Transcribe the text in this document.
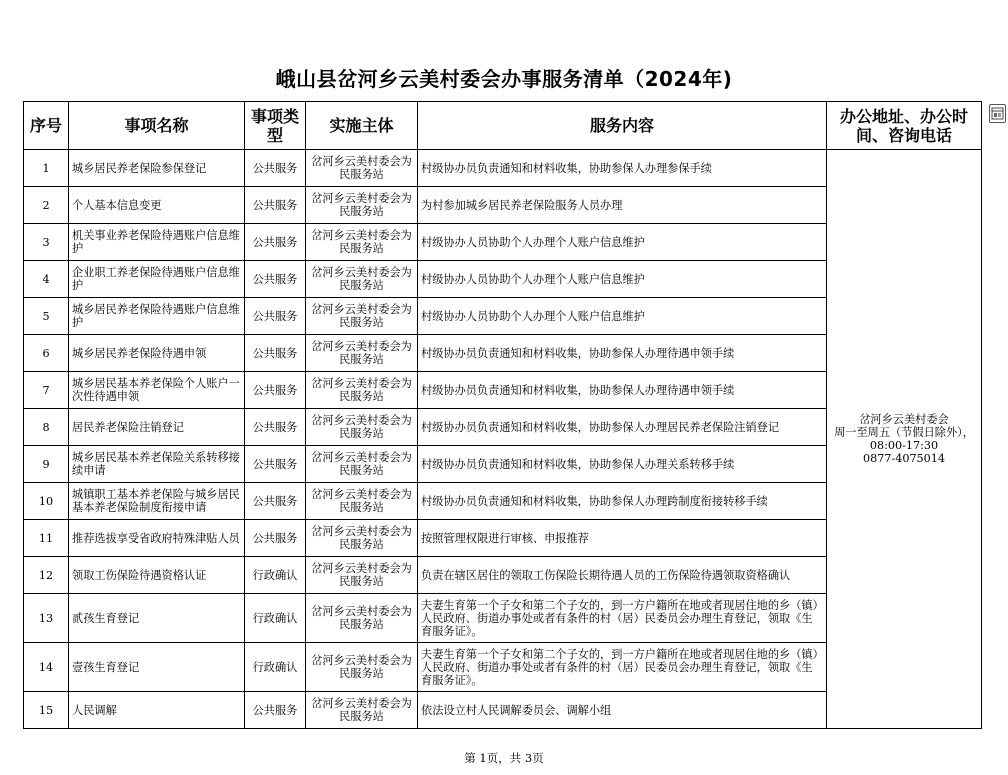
峨山县岔河乡云美村委会办事服务清单（2024年)
序号	事项名称	事项类型	实施主体	服务内容	办公地址、办公时间、咨询电话
1	城乡居民养老保险参保登记	公共服务	岔河乡云美村委会为民服务站	村级协办员负责通知和材料收集，协助参保人办理参保手续	岔河乡云美村委会
周一至周五（节假日除外），08:00-17:30
0877-4075014

2	个人基本信息变更	公共服务	岔河乡云美村委会为民服务站	为村参加城乡居民养老保险服务人员办理	
3	机关事业养老保险待遇账户信息维护	公共服务	岔河乡云美村委会为民服务站	村级协办人员协助个人办理个人账户信息维护	
4	企业职工养老保险待遇账户信息维护	公共服务	岔河乡云美村委会为民服务站	村级协办人员协助个人办理个人账户信息维护	
5	城乡居民养老保险待遇账户信息维护	公共服务	岔河乡云美村委会为民服务站	村级协办人员协助个人办理个人账户信息维护	
6	城乡居民养老保险待遇申领	公共服务	岔河乡云美村委会为民服务站	村级协办员负责通知和材料收集，协助参保人办理待遇申领手续	
7	城乡居民基本养老保险个人账户一次性待遇申领	公共服务	岔河乡云美村委会为民服务站	村级协办员负责通知和材料收集，协助参保人办理待遇申领手续	
8	居民养老保险注销登记	公共服务	岔河乡云美村委会为民服务站	村级协办员负责通知和材料收集，协助参保人办理居民养老保险注销登记	
9	城乡居民基本养老保险关系转移接续申请	公共服务	岔河乡云美村委会为民服务站	村级协办员负责通知和材料收集，协助参保人办理关系转移手续	
10	城镇职工基本养老保险与城乡居民基本养老保险制度衔接申请	公共服务	岔河乡云美村委会为民服务站	村级协办员负责通知和材料收集，协助参保人办理跨制度衔接转移手续	
11	推荐选拔享受省政府特殊津贴人员	公共服务	岔河乡云美村委会为民服务站	按照管理权限进行审核、申报推荐	
12	领取工伤保险待遇资格认证	行政确认	岔河乡云美村委会为民服务站	负责在辖区居住的领取工伤保险长期待遇人员的工伤保险待遇领取资格确认	
13	贰孩生育登记	行政确认	岔河乡云美村委会为民服务站	夫妻生育第一个子女和第二个子女的，到一方户籍所在地或者现居住地的乡（镇）人民政府、街道办事处或者有条件的村（居）民委员会办理生育登记，领取《生育服务证》。	
14	壹孩生育登记	行政确认	岔河乡云美村委会为民服务站	夫妻生育第一个子女和第二个子女的，到一方户籍所在地或者现居住地的乡（镇）人民政府、街道办事处或者有条件的村（居）民委员会办理生育登记，领取《生育服务证》。	
15	人民调解	公共服务	岔河乡云美村委会为民服务站	依法设立村人民调解委员会、调解小组	
第 1页，共 3页
